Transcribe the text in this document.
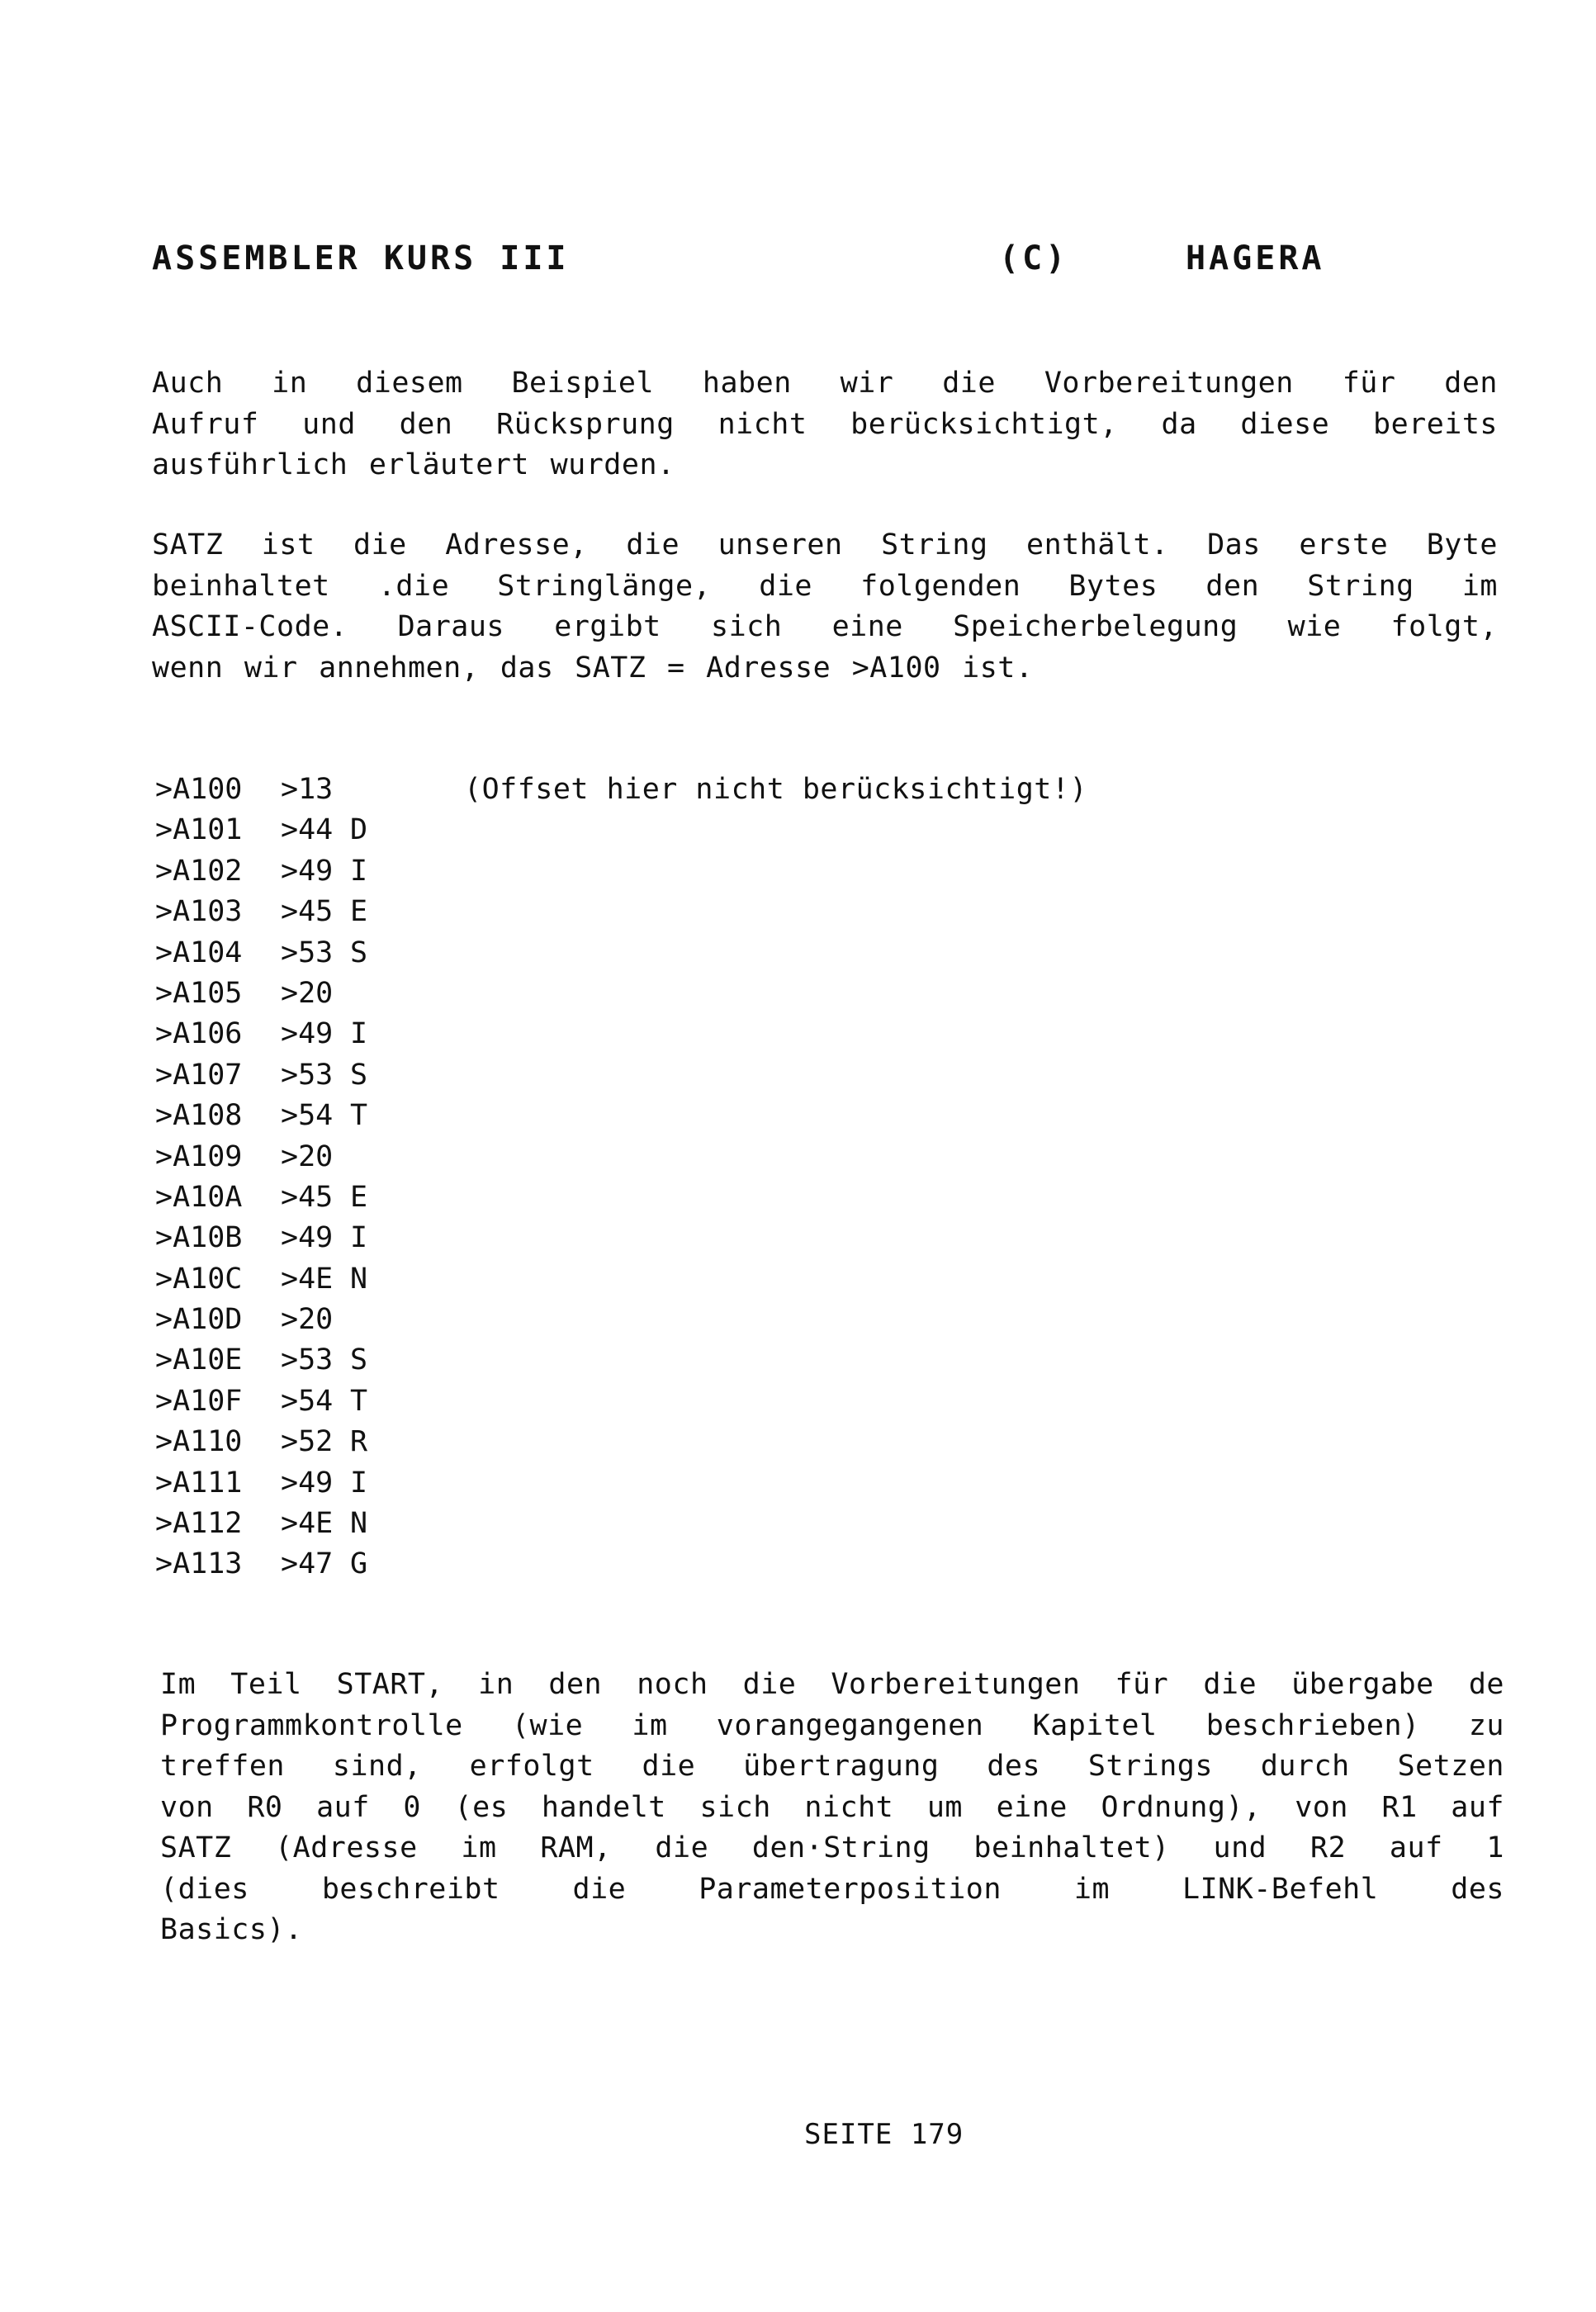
ASSEMBLER KURS III

	(C)

	HAGERA

Auch in diesem Beispiel haben wir die Vorbereitungen für den
Aufruf und den Rücksprung nicht berücksichtigt, da diese bereits
ausführlich erläutert wurden.
SATZ ist die Adresse, die unseren String enthält. Das erste Byte
beinhaltet .die Stringlänge, die folgenden Bytes den String im
ASCII-Code. Daraus ergibt sich eine Speicherbelegung wie folgt,
wenn wir annehmen, das SATZ = Adresse >A100 ist.
(Offset hier nicht berücksichtigt!)
>A100	>13
>A101	>44 D
>A102	>49 I
>A103	>45 E
>A104	>53 S
>A105	>20
>A106	>49 I
>A107	>53 S
>A108	>54 T
>A109	>20
>A10A	>45 E
>A10B	>49 I
>A10C	>4E N
>A10D	>20
>A10E	>53 S
>A10F	>54 T
>A110	>52 R
>A111	>49 I
>A112	>4E N
>A113	>47 G
Im Teil START, in den noch die Vorbereitungen für die übergabe de
Programmkontrolle (wie im vorangegangenen Kapitel beschrieben) zu
treffen sind, erfolgt die übertragung des Strings durch Setzen
von R0 auf 0 (es handelt sich nicht um eine Ordnung), von R1 auf
SATZ (Adresse im RAM, die den·String beinhaltet) und R2 auf 1
(dies beschreibt die Parameterposition im LINK-Befehl des
Basics).
SEITE 179
